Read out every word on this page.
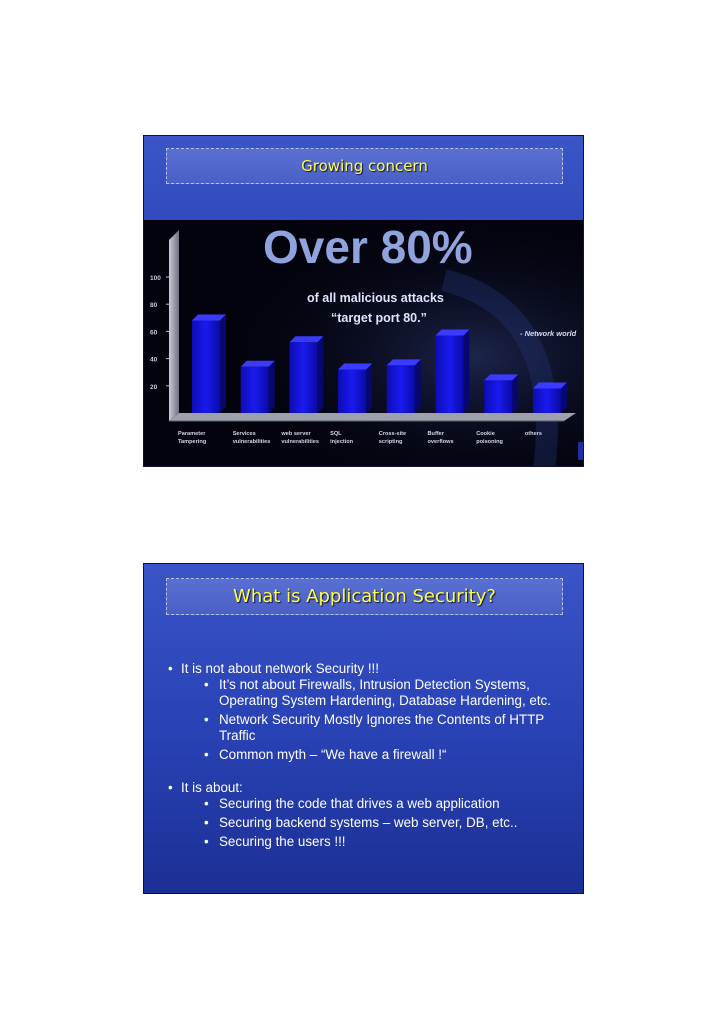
Growing concern
100
80
60
40
20
Parameter
Tampering
Services
vulnerabilities
web server
vulnerabilities
SQL
injection
Cross-site
scripting
Buffer
overflows
Cookie
poisoning
others
Over 80%
of all malicious attacks
“target port 80.”
- Network world
What is Application Security?
• It is not about network Security !!!
• It’s not about Firewalls, Intrusion Detection Systems,
Operating System Hardening, Database Hardening, etc.
• Network Security Mostly Ignores the Contents of HTTP
Traffic
• Common myth – “We have a firewall !“
• It is about:
• Securing the code that drives a web application
• Securing backend systems – web server, DB, etc..
• Securing the users !!!
